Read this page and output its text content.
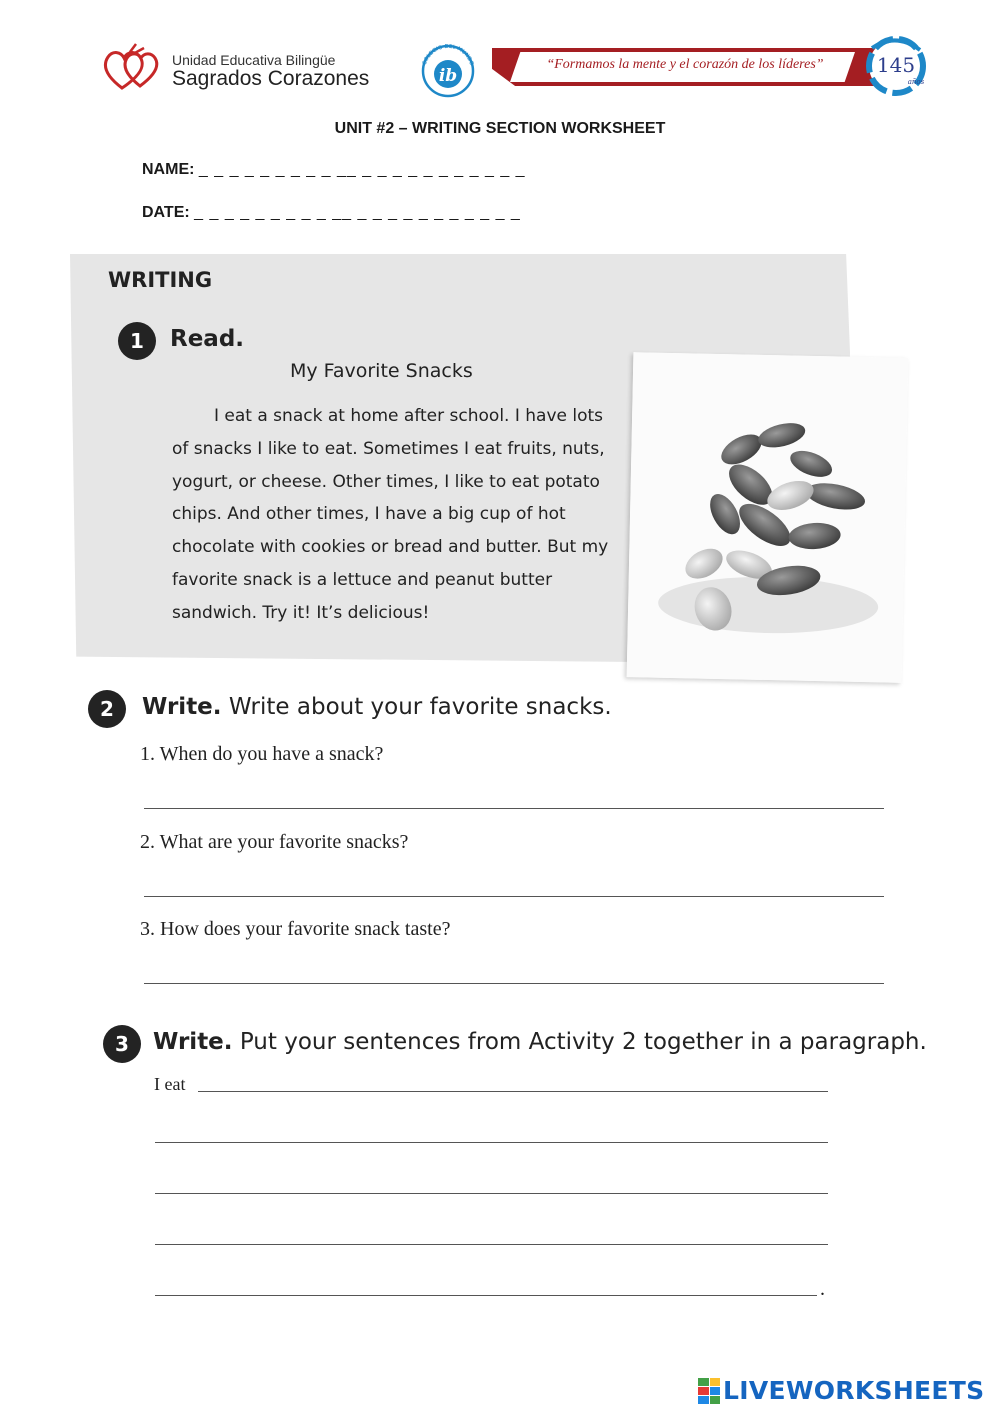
Unidad Educativa Bilingüe
Sagrados Corazones
COLEGIO DEL MUNDO
ib
“Formamos la mente y el corazón de los líderes”	145
años
UNIT #2 – WRITING SECTION WORKSHEET
NAME: _ _ _ _ _ _ _ _ _ __ _ _ _ _ _ _ _ _ _ _ _
DATE: _ _ _ _ _ _ _ _ _ __ _ _ _ _ _ _ _ _ _ _ _
WRITING
1	Read.
My Favorite Snacks
I eat a snack at home after school. I have lots of snacks I like to eat. Sometimes I eat fruits, nuts, yogurt, or cheese. Other times, I like to eat potato chips. And other times, I have a big cup of hot chocolate with cookies or bread and butter. But my favorite snack is a lettuce and peanut butter sandwich. Try it! It’s delicious!
2	Write. Write about your favorite snacks.
1. When do you have a snack?
2. What are your favorite snacks?
3. How does your favorite snack taste?
3	Write. Put your sentences from Activity 2 together in a paragraph.
I eat
.
LIVEWORKSHEETS
